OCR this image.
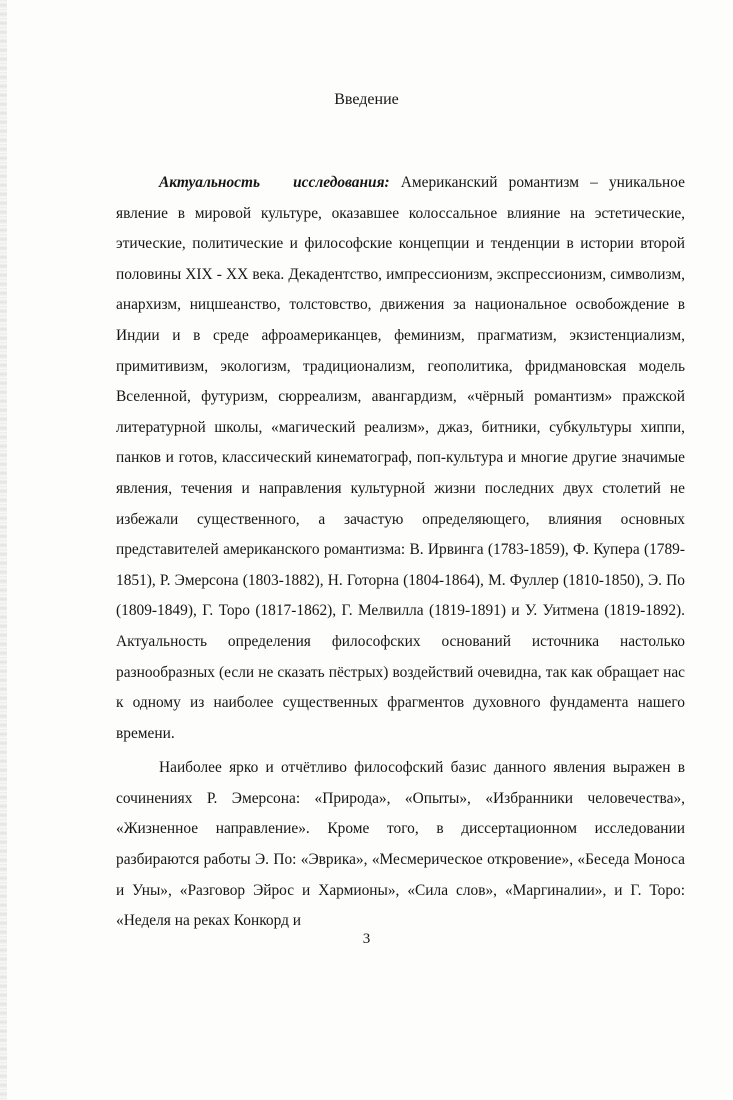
Введение

Актуальность исследования: Американский романтизм – уникальное явление в мировой культуре, оказавшее колоссальное влияние на эстетические, этические, политические и философские концепции и тенденции в истории второй половины XIX - XX века. Декадентство, импрессионизм, экспрессионизм, символизм, анархизм, ницшеанство, толстовство, движения за национальное освобождение в Индии и в среде афроамериканцев, феминизм, прагматизм, экзистенциализм, примитивизм, экологизм, традиционализм, геополитика, фридмановская модель Вселенной, футуризм, сюрреализм, авангардизм, «чёрный романтизм» пражской литературной школы, «магический реализм», джаз, битники, субкультуры хиппи, панков и готов, классический кинематограф, поп-культура и многие другие значимые явления, течения и направления культурной жизни последних двух столетий не избежали существенного, а зачастую определяющего, влияния основных представителей американского романтизма: В. Ирвинга (1783-1859), Ф. Купера (1789-1851), Р. Эмерсона (1803-1882), Н. Готорна (1804-1864), М. Фуллер (1810-1850), Э. По (1809-1849), Г. Торо (1817-1862), Г. Мелвилла (1819-1891) и У. Уитмена (1819-1892). Актуальность определения философских оснований источника настолько разнообразных (если не сказать пёстрых) воздействий очевидна, так как обращает нас к одному из наиболее существенных фрагментов духовного фундамента нашего времени.

Наиболее ярко и отчётливо философский базис данного явления выражен в сочинениях Р. Эмерсона: «Природа», «Опыты», «Избранники человечества», «Жизненное направление». Кроме того, в диссертационном исследовании разбираются работы Э. По: «Эврика», «Месмерическое откровение», «Беседа Моноса и Уны», «Разговор Эйрос и Хармионы», «Сила слов», «Маргиналии», и Г. Торо: «Неделя на реках Конкорд и

3
